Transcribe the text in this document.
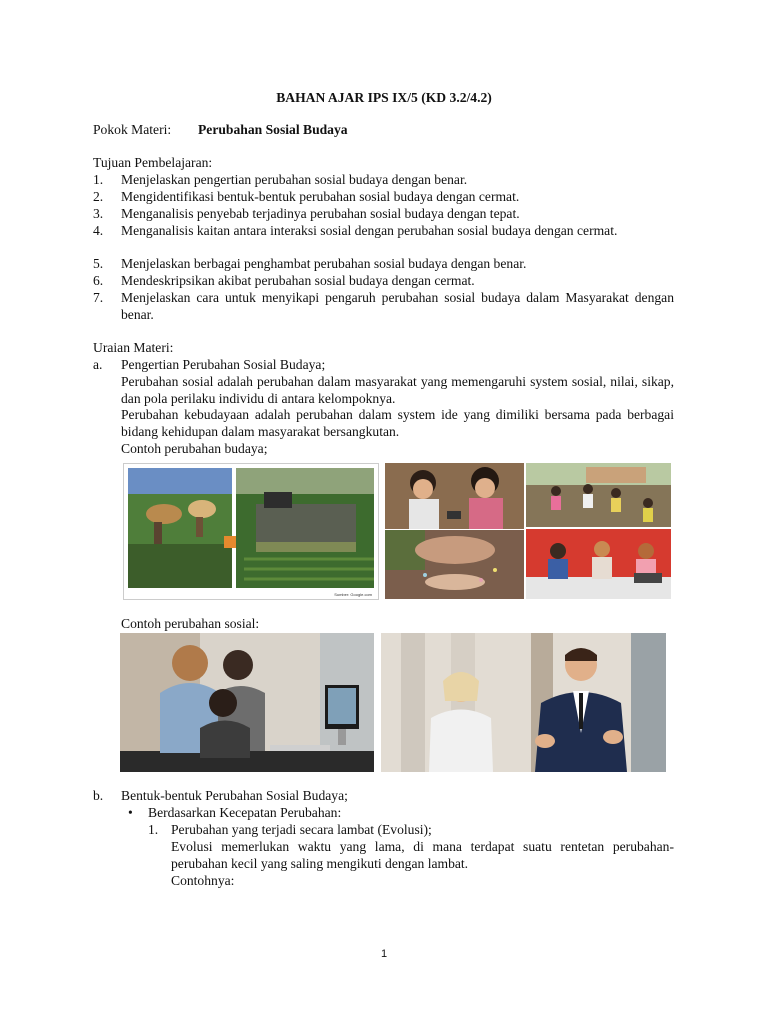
BAHAN AJAR IPS IX/5 (KD 3.2/4.2)
Pokok Materi: Perubahan Sosial Budaya
Tujuan Pembelajaran:
1. Menjelaskan pengertian perubahan sosial budaya dengan benar.
2. Mengidentifikasi bentuk-bentuk perubahan sosial budaya dengan cermat.
3. Menganalisis penyebab terjadinya perubahan sosial budaya dengan tepat.
4. Menganalisis kaitan antara interaksi sosial dengan perubahan sosial budaya dengan cermat.
5. Menjelaskan berbagai penghambat perubahan sosial budaya dengan benar.
6. Mendeskripsikan akibat perubahan sosial budaya dengan cermat.
7. Menjelaskan cara untuk menyikapi pengaruh perubahan sosial budaya dalam Masyarakat dengan benar.
Uraian Materi:
a. Pengertian Perubahan Sosial Budaya;
Perubahan sosial adalah perubahan dalam masyarakat yang memengaruhi system sosial, nilai, sikap, dan pola perilaku individu di antara kelompoknya.
Perubahan kebudayaan adalah perubahan dalam system ide yang dimiliki bersama pada berbagai bidang kehidupan dalam masyarakat bersangkutan.
Contoh perubahan budaya;
Sumber: Google.com
Contoh perubahan sosial:
b. Bentuk-bentuk Perubahan Sosial Budaya;
• Berdasarkan Kecepatan Perubahan:
1. Perubahan yang terjadi secara lambat (Evolusi);
Evolusi memerlukan waktu yang lama, di mana terdapat suatu rentetan perubahan-perubahan kecil yang saling mengikuti dengan lambat.
Contohnya:
1
